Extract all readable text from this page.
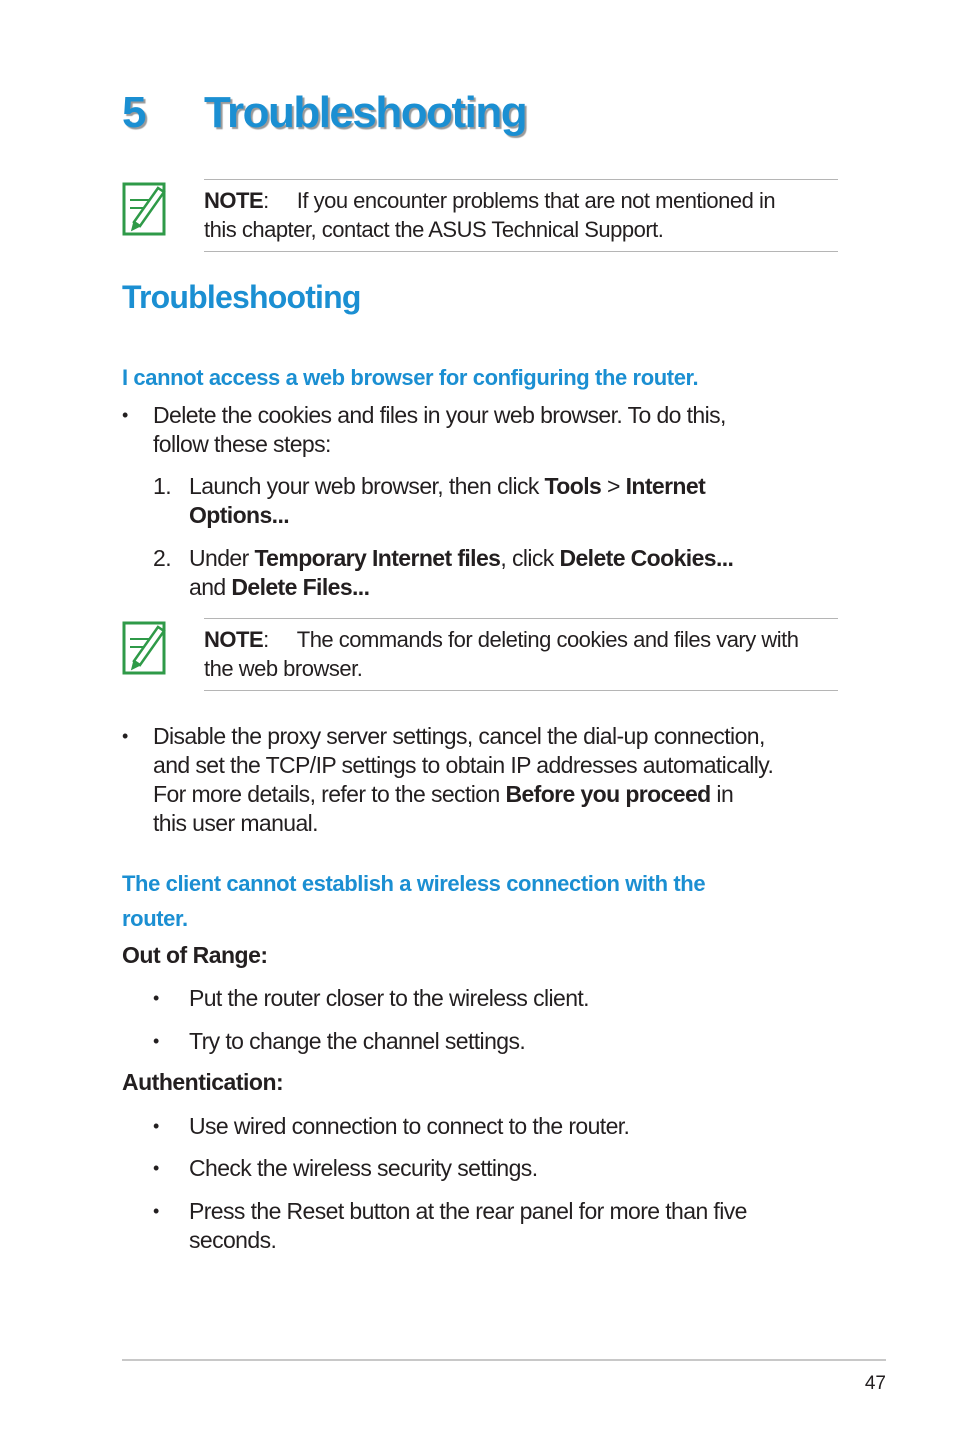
5 Troubleshooting
NOTE: If you encounter problems that are not mentioned in
this chapter, contact the ASUS Technical Support.
Troubleshooting
I cannot access a web browser for configuring the router.
•	Delete the cookies and files in your web browser. To do this,
follow these steps:
1. Launch your web browser, then click Tools > Internet
Options...
2. Under Temporary Internet files, click Delete Cookies...
and Delete Files...
NOTE: The commands for deleting cookies and files vary with
the web browser.
•	Disable the proxy server settings, cancel the dial-up connection,
and set the TCP/IP settings to obtain IP addresses automatically.
For more details, refer to the section Before you proceed in
this user manual.
The client cannot establish a wireless connection with the
router.
Out of Range:
• Put the router closer to the wireless client.
• Try to change the channel settings.
Authentication:
• Use wired connection to connect to the router.
• Check the wireless security settings.
• Press the Reset button at the rear panel for more than five
seconds.
47
